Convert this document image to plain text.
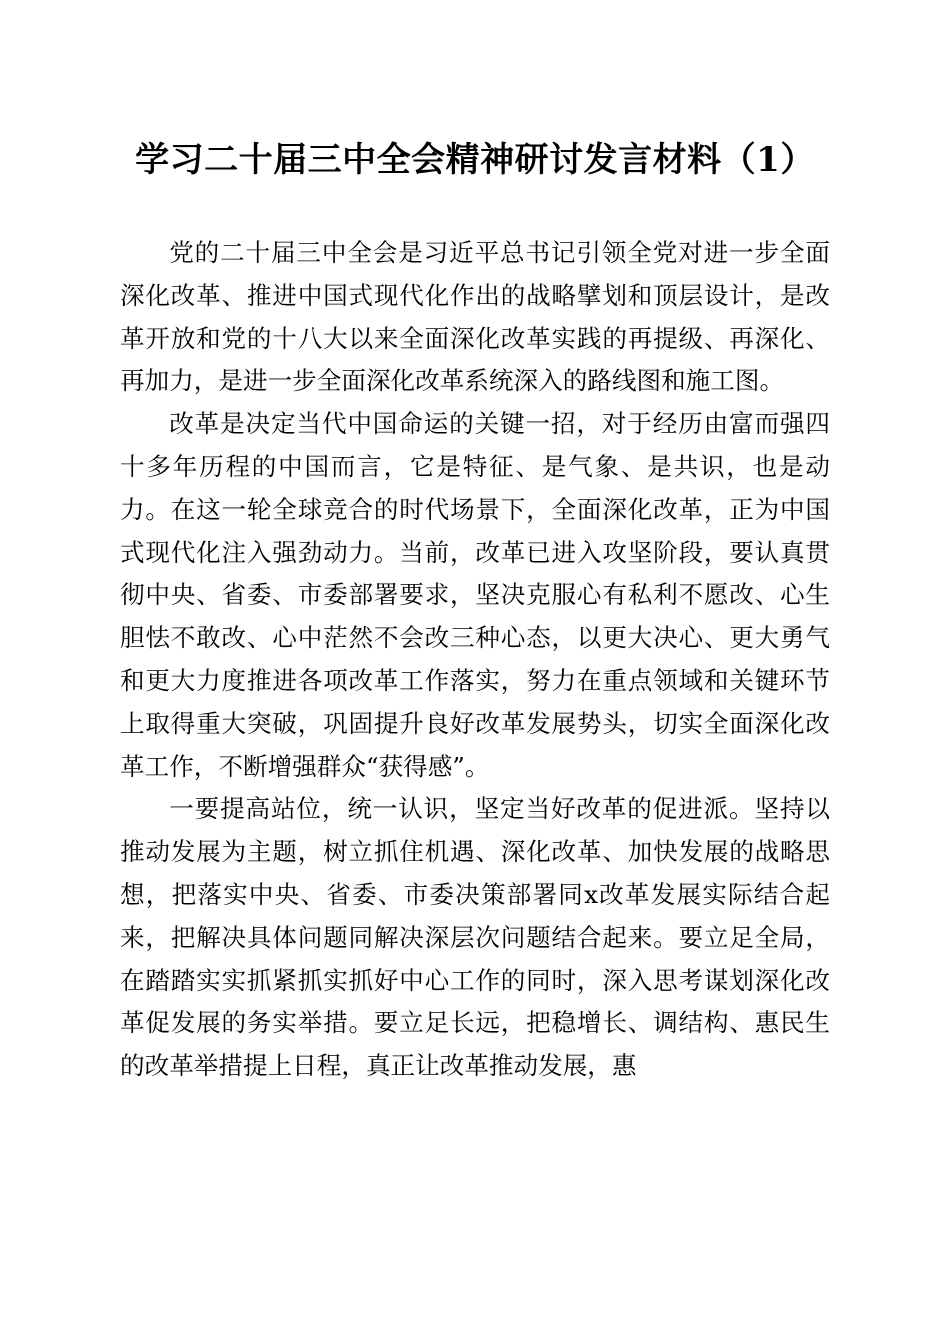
学习二十届三中全会精神研讨发言材料（1）

党的二十届三中全会是习近平总书记引领全党对进一步全面深化改革、推进中国式现代化作出的战略擘划和顶层设计，是改革开放和党的十八大以来全面深化改革实践的再提级、再深化、再加力，是进一步全面深化改革系统深入的路线图和施工图。

改革是决定当代中国命运的关键一招，对于经历由富而强四十多年历程的中国而言，它是特征、是气象、是共识，也是动力。在这一轮全球竞合的时代场景下，全面深化改革，正为中国式现代化注入强劲动力。当前，改革已进入攻坚阶段，要认真贯彻中央、省委、市委部署要求，坚决克服心有私利不愿改、心生胆怯不敢改、心中茫然不会改三种心态，以更大决心、更大勇气和更大力度推进各项改革工作落实，努力在重点领域和关键环节上取得重大突破，巩固提升良好改革发展势头，切实全面深化改革工作，不断增强群众“获得感”。

一要提高站位，统一认识，坚定当好改革的促进派。坚持以推动发展为主题，树立抓住机遇、深化改革、加快发展的战略思想，把落实中央、省委、市委决策部署同x改革发展实际结合起来，把解决具体问题同解决深层次问题结合起来。要立足全局，在踏踏实实抓紧抓实抓好中心工作的同时，深入思考谋划深化改革促发展的务实举措。要立足长远，把稳增长、调结构、惠民生的改革举措提上日程，真正让改革推动发展，惠
